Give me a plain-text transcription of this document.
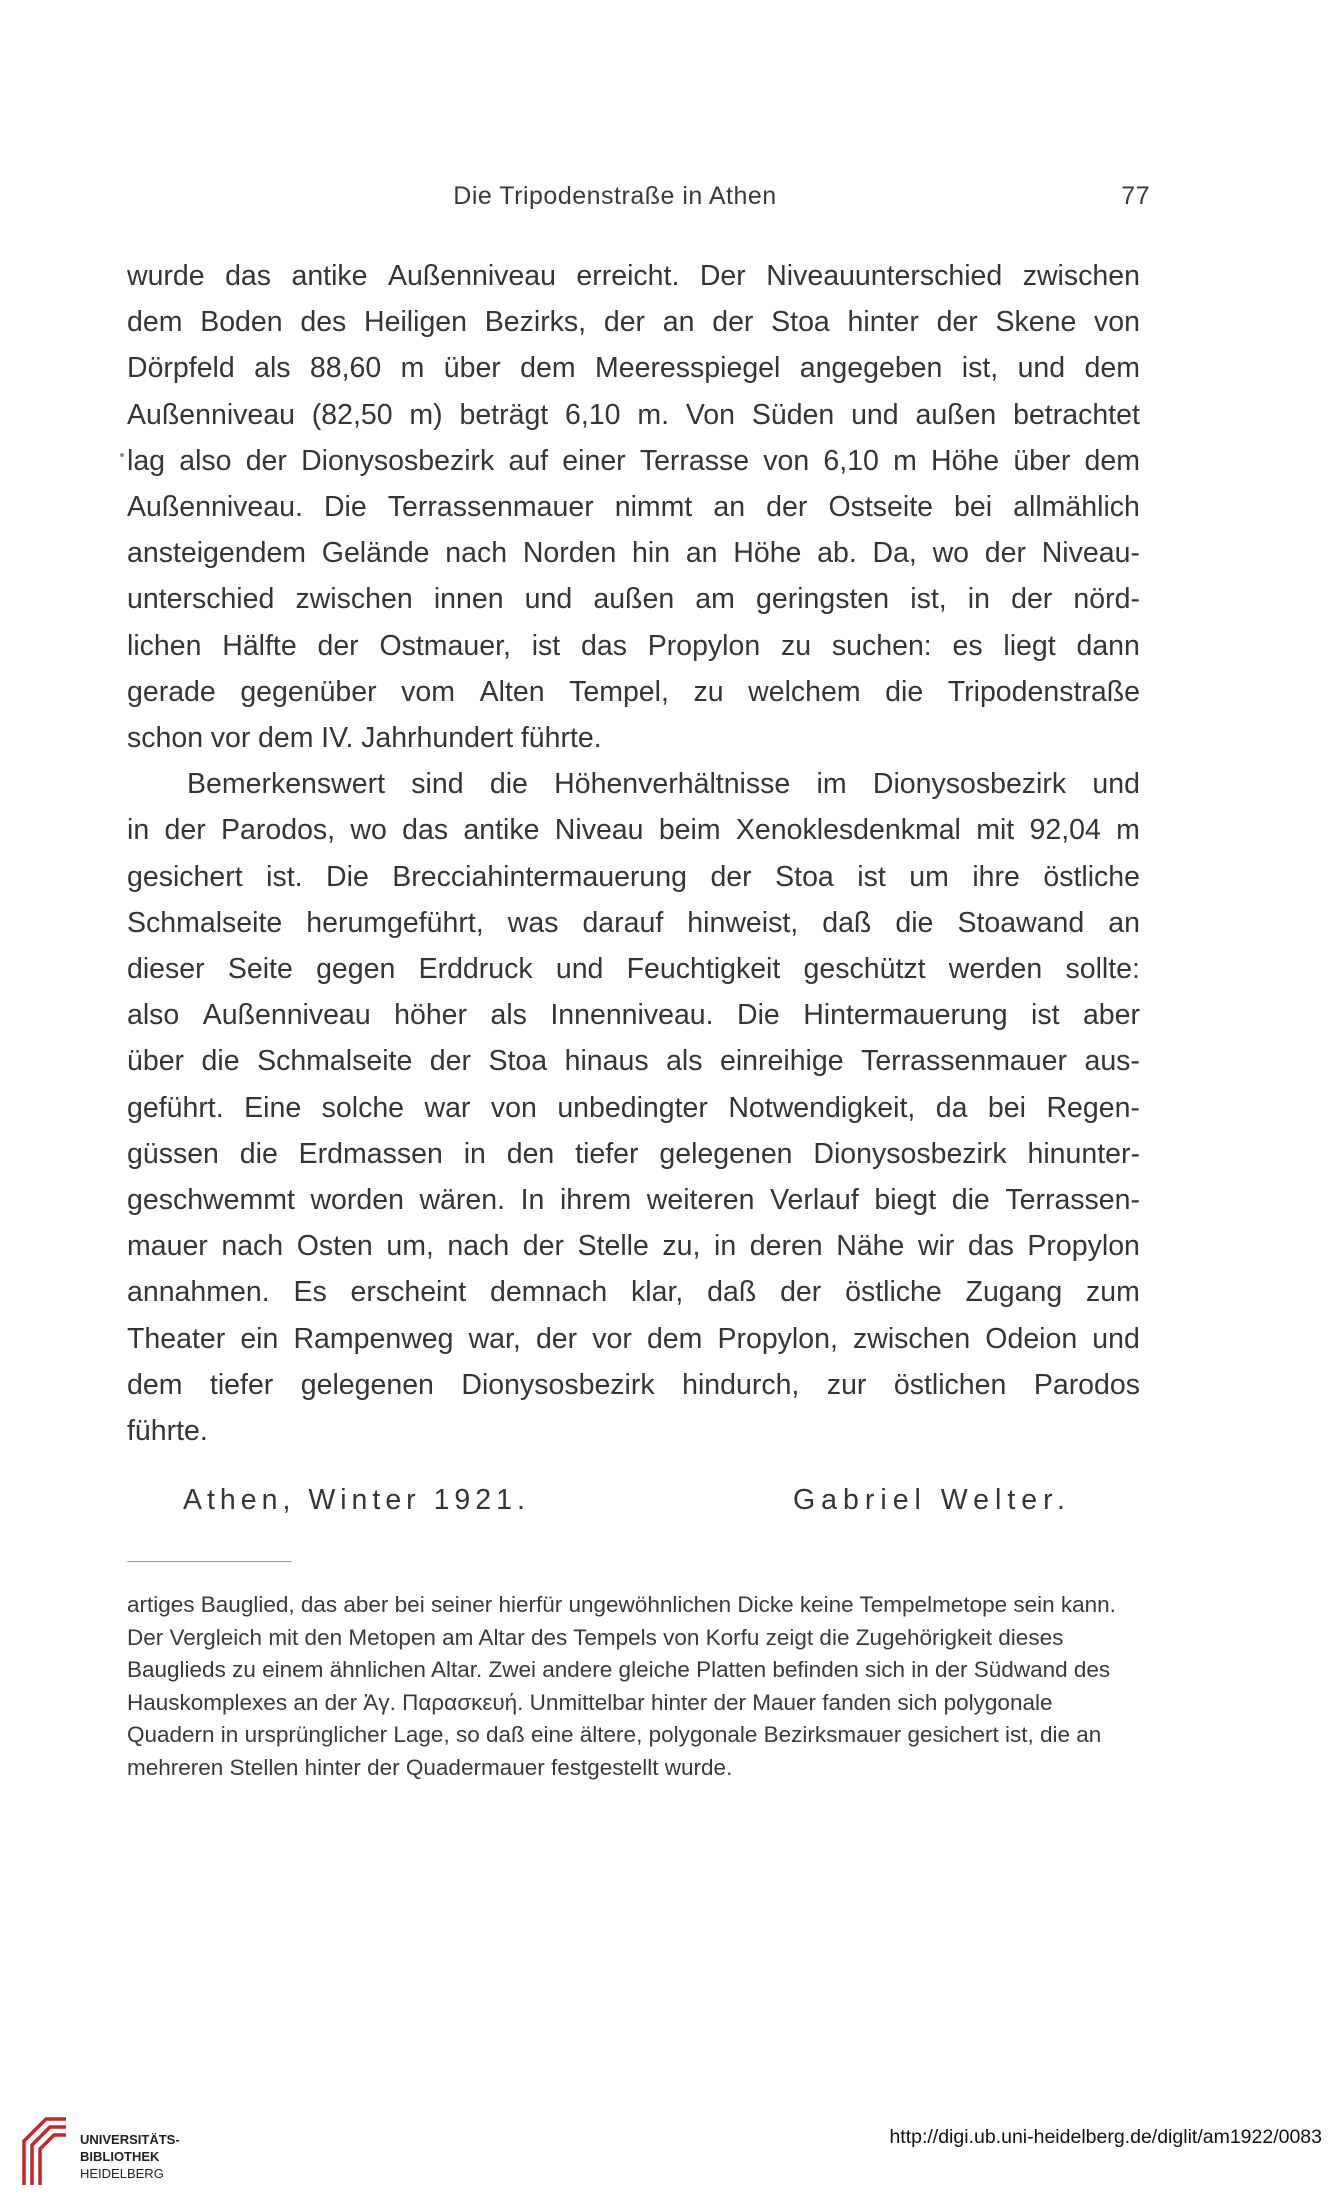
Die Tripodenstraße in Athen	77
wurde das antike Außenniveau erreicht. Der Niveauunterschied zwischen
dem Boden des Heiligen Bezirks, der an der Stoa hinter der Skene von
Dörpfeld als 88,60 m über dem Meeresspiegel angegeben ist, und dem
Außenniveau (82,50 m) beträgt 6,10 m. Von Süden und außen betrachtet
lag also der Dionysosbezirk auf einer Terrasse von 6,10 m Höhe über dem
Außenniveau. Die Terrassenmauer nimmt an der Ostseite bei allmählich
ansteigendem Gelände nach Norden hin an Höhe ab. Da, wo der Niveau-
unterschied zwischen innen und außen am geringsten ist, in der nörd-
lichen Hälfte der Ostmauer, ist das Propylon zu suchen: es liegt dann
gerade gegenüber vom Alten Tempel, zu welchem die Tripodenstraße
schon vor dem IV. Jahrhundert führte.
Bemerkenswert sind die Höhenverhältnisse im Dionysosbezirk und
in der Parodos, wo das antike Niveau beim Xenoklesdenkmal mit 92,04 m
gesichert ist. Die Brecciahintermauerung der Stoa ist um ihre östliche
Schmalseite herumgeführt, was darauf hinweist, daß die Stoawand an
dieser Seite gegen Erddruck und Feuchtigkeit geschützt werden sollte:
also Außenniveau höher als Innenniveau. Die Hintermauerung ist aber
über die Schmalseite der Stoa hinaus als einreihige Terrassenmauer aus-
geführt. Eine solche war von unbedingter Notwendigkeit, da bei Regen-
güssen die Erdmassen in den tiefer gelegenen Dionysosbezirk hinunter-
geschwemmt worden wären. In ihrem weiteren Verlauf biegt die Terrassen-
mauer nach Osten um, nach der Stelle zu, in deren Nähe wir das Propylon
annahmen. Es erscheint demnach klar, daß der östliche Zugang zum
Theater ein Rampenweg war, der vor dem Propylon, zwischen Odeion und
dem tiefer gelegenen Dionysosbezirk hindurch, zur östlichen Parodos
führte.
Athen, Winter 1921.	Gabriel Welter.
artiges Bauglied, das aber bei seiner hierfür ungewöhnlichen Dicke keine Tempelmetope sein kann. Der Vergleich mit den Metopen am Altar des Tempels von Korfu zeigt die Zugehörigkeit dieses Bauglieds zu einem ähnlichen Altar. Zwei andere gleiche Platten befinden sich in der Südwand des Hauskomplexes an der Ἀγ. Παρασκευή. Unmittelbar hinter der Mauer fanden sich polygonale Quadern in ursprünglicher Lage, so daß eine ältere, polygonale Bezirksmauer gesichert ist, die an mehreren Stellen hinter der Quadermauer festgestellt wurde.
UNIVERSITÄTS-
BIBLIOTHEK
HEIDELBERG
http://digi.ub.uni-heidelberg.de/diglit/am1922/0083
